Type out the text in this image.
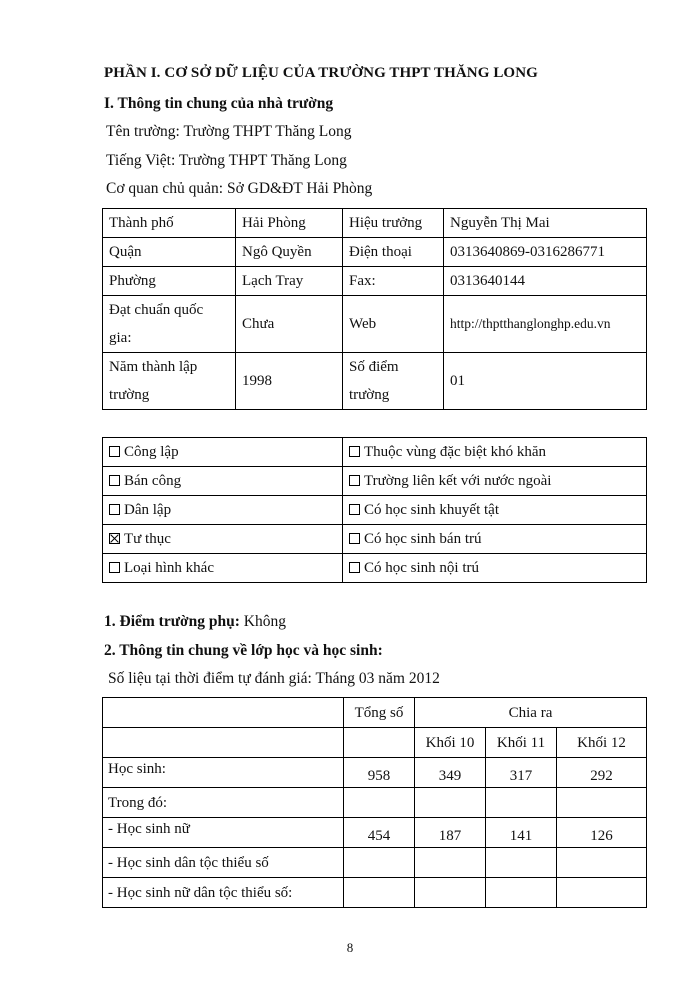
PHẦN I. CƠ SỞ DỮ LIỆU CỦA TRƯỜNG THPT THĂNG LONG
I. Thông tin chung của nhà trường
Tên trường: Trường THPT Thăng Long
Tiếng Việt: Trường THPT Thăng Long
Cơ quan chủ quản: Sở GD&ĐT Hải Phòng
Thành phố	Hải Phòng	Hiệu trưởng	Nguyễn Thị Mai
Quận	Ngô Quyền	Điện thoại	0313640869-0316286771
Phường	Lạch Tray	Fax:	0313640144
Đạt chuẩn quốc gia:	Chưa	Web	http://thptthanglonghp.edu.vn
Năm thành lập trường	1998	Số điểm trường	01
Công lập	Thuộc vùng đặc biệt khó khăn
Bán công	Trường liên kết với nước ngoài
Dân lập	Có học sinh khuyết tật
Tư thục	Có học sinh bán trú
Loại hình khác	Có học sinh nội trú
1. Điểm trường phụ: Không
2. Thông tin chung về lớp học và học sinh:
Số liệu tại thời điểm tự đánh giá: Tháng 03 năm 2012
	Tổng số	Chia ra		
		Khối 10	Khối 11	Khối 12
Học sinh:	958	349	317	292
Trong đó:				
- Học sinh nữ	454	187	141	126
- Học sinh dân tộc thiểu số				
- Học sinh nữ dân tộc thiểu số:				
8
